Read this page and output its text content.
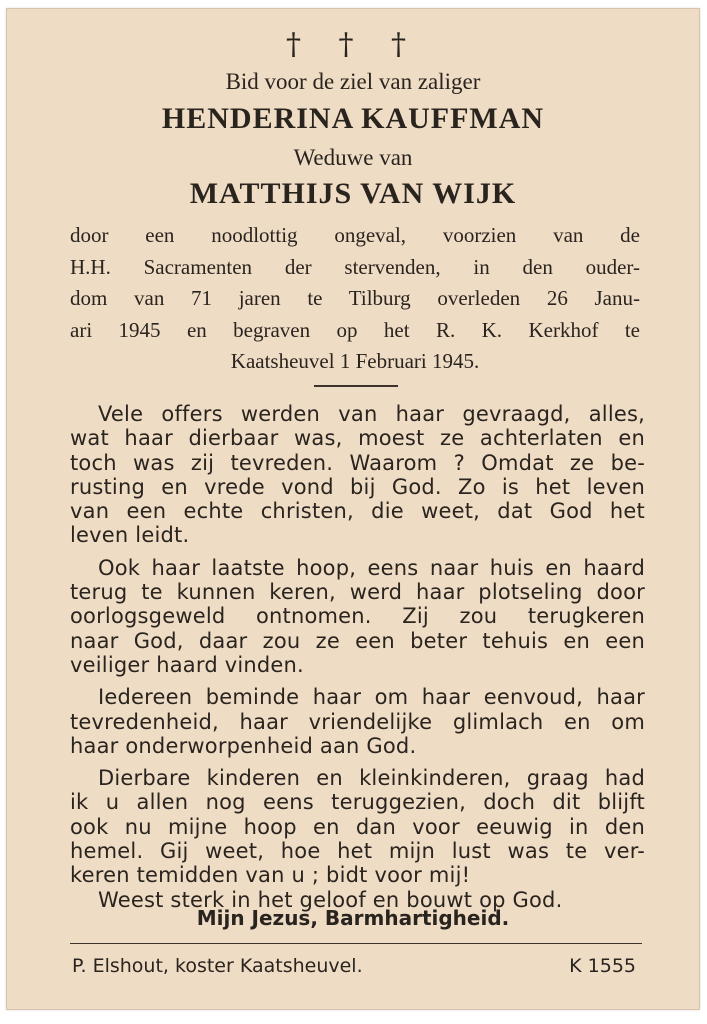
† † †
Bid voor de ziel van zaliger
HENDERINA KAUFFMAN
Weduwe van
MATTHIJS VAN WIJK
door een noodlottig ongeval, voorzien van de
H.H. Sacramenten der stervenden, in den ouder-
dom van 71 jaren te Tilburg overleden 26 Janu-
ari 1945 en begraven op het R. K. Kerkhof te
Kaatsheuvel 1 Februari 1945.
Vele offers werden van haar gevraagd, alles,
wat haar dierbaar was, moest ze achterlaten en
toch was zij tevreden. Waarom ? Omdat ze be-
rusting en vrede vond bij God. Zo is het leven
van een echte christen, die weet, dat God het
leven leidt.
Ook haar laatste hoop, eens naar huis en haard
terug te kunnen keren, werd haar plotseling door
oorlogsgeweld ontnomen. Zij zou terugkeren
naar God, daar zou ze een beter tehuis en een
veiliger haard vinden.
Iedereen beminde haar om haar eenvoud, haar
tevredenheid, haar vriendelijke glimlach en om
haar onderworpenheid aan God.
Dierbare kinderen en kleinkinderen, graag had
ik u allen nog eens teruggezien, doch dit blijft
ook nu mijne hoop en dan voor eeuwig in den
hemel. Gij weet, hoe het mijn lust was te ver-
keren temidden van u ; bidt voor mij!
Weest sterk in het geloof en bouwt op God.
Mijn Jezus, Barmhartigheid.
P. Elshout, koster Kaatsheuvel.	K 1555
